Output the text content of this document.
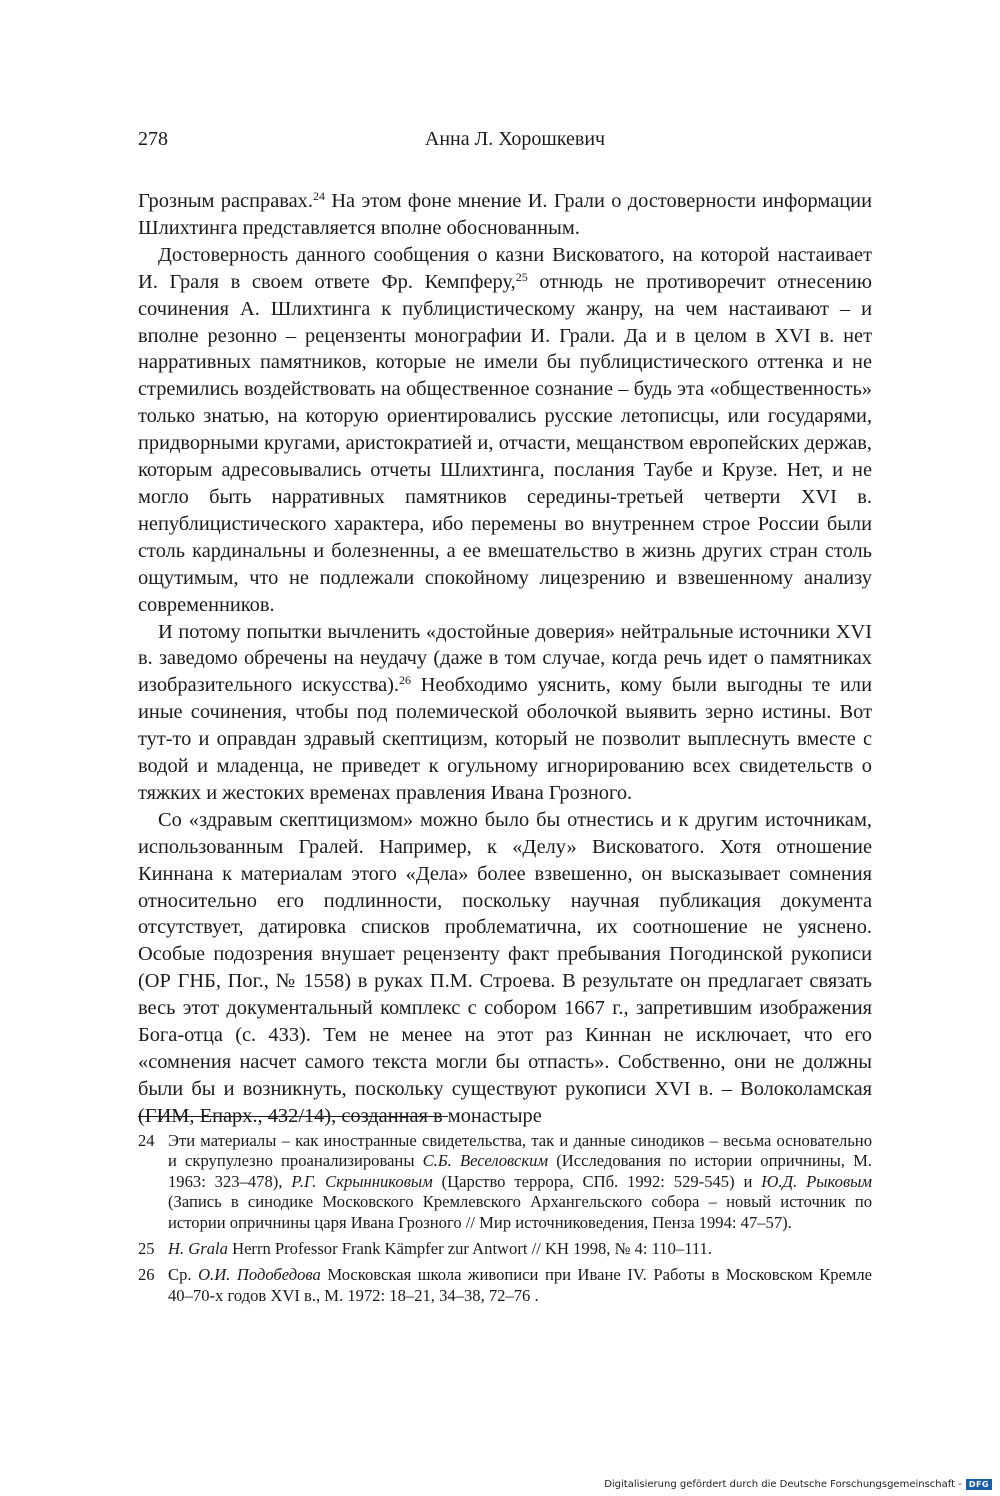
278	Анна Л. Хорошкевич

Грозным расправах.$^{24}$ На этом фоне мнение И. Грали о достоверности информации Шлихтинга представляется вполне обоснованным.

Достоверность данного сообщения о казни Висковатого, на которой настаивает И. Граля в своем ответе Фр. Кемпферу,$^{25}$ отнюдь не противоречит отнесению сочинения А. Шлихтинга к публицистическому жанру, на чем настаивают – и вполне резонно – рецензенты монографии И. Грали. Да и в целом в XVI в. нет нарративных памятников, которые не имели бы публицистического оттенка и не стремились воздействовать на общественное сознание – будь эта «общественность» только знатью, на которую ориентировались русские летописцы, или государями, придворными кругами, аристократией и, отчасти, мещанством европейских держав, которым адресовывались отчеты Шлихтинга, послания Таубе и Крузе. Нет, и не могло быть нарративных памятников середины-третьей четверти XVI в. непублицистического характера, ибо перемены во внутреннем строе России были столь кардинальны и болезненны, а ее вмешательство в жизнь других стран столь ощутимым, что не подлежали спокойному лицезрению и взвешенному анализу современников.

И потому попытки вычленить «достойные доверия» нейтральные источники XVI в. заведомо обречены на неудачу (даже в том случае, когда речь идет о памятниках изобразительного искусства).$^{26}$ Необходимо уяснить, кому были выгодны те или иные сочинения, чтобы под полемической оболочкой выявить зерно истины. Вот тут-то и оправдан здравый скептицизм, который не позволит выплеснуть вместе с водой и младенца, не приведет к огульному игнорированию всех свидетельств о тяжких и жестоких временах правления Ивана Грозного.

Со «здравым скептицизмом» можно было бы отнестись и к другим источникам, использованным Гралей. Например, к «Делу» Висковатого. Хотя отношение Киннана к материалам этого «Дела» более взвешенно, он высказывает сомнения относительно его подлинности, поскольку научная публикация документа отсутствует, датировка списков проблематична, их соотношение не уяснено. Особые подозрения внушает рецензенту факт пребывания Погодинской рукописи (ОР ГНБ, Пог., № 1558) в руках П.М. Строева. В результате он предлагает связать весь этот документальный комплекс с собором 1667 г., запретившим изображения Бога-отца (с. 433). Тем не менее на этот раз Киннан не исключает, что его «сомнения насчет самого текста могли бы отпасть». Собственно, они не должны были бы и возникнуть, поскольку существуют рукописи XVI в. – Волоколамская (ГИМ, Епарх., 432/14), созданная в монастыре

24 Эти материалы – как иностранные свидетельства, так и данные синодиков – весьма основательно и скрупулезно проанализированы С.Б. Веселовским (Исследования по истории опричнины, М. 1963: 323–478), Р.Г. Скрынниковым (Царство террора, СПб. 1992: 529-545) и Ю.Д. Рыковым (Запись в синодике Московского Кремлевского Архангельского собора – новый источник по истории опричнины царя Ивана Грозного // Мир источниковедения, Пенза 1994: 47–57).
25 H. Grala Herrn Professor Frank Kämpfer zur Antwort // KH 1998, № 4: 110–111.
26 Ср. О.И. Подобедова Московская школа живописи при Иване IV. Работы в Московском Кремле 40–70-х годов XVI в., М. 1972: 18–21, 34–38, 72–76 .
Digitalisierung gefördert durch die Deutsche Forschungsgemeinschaft - DFG
